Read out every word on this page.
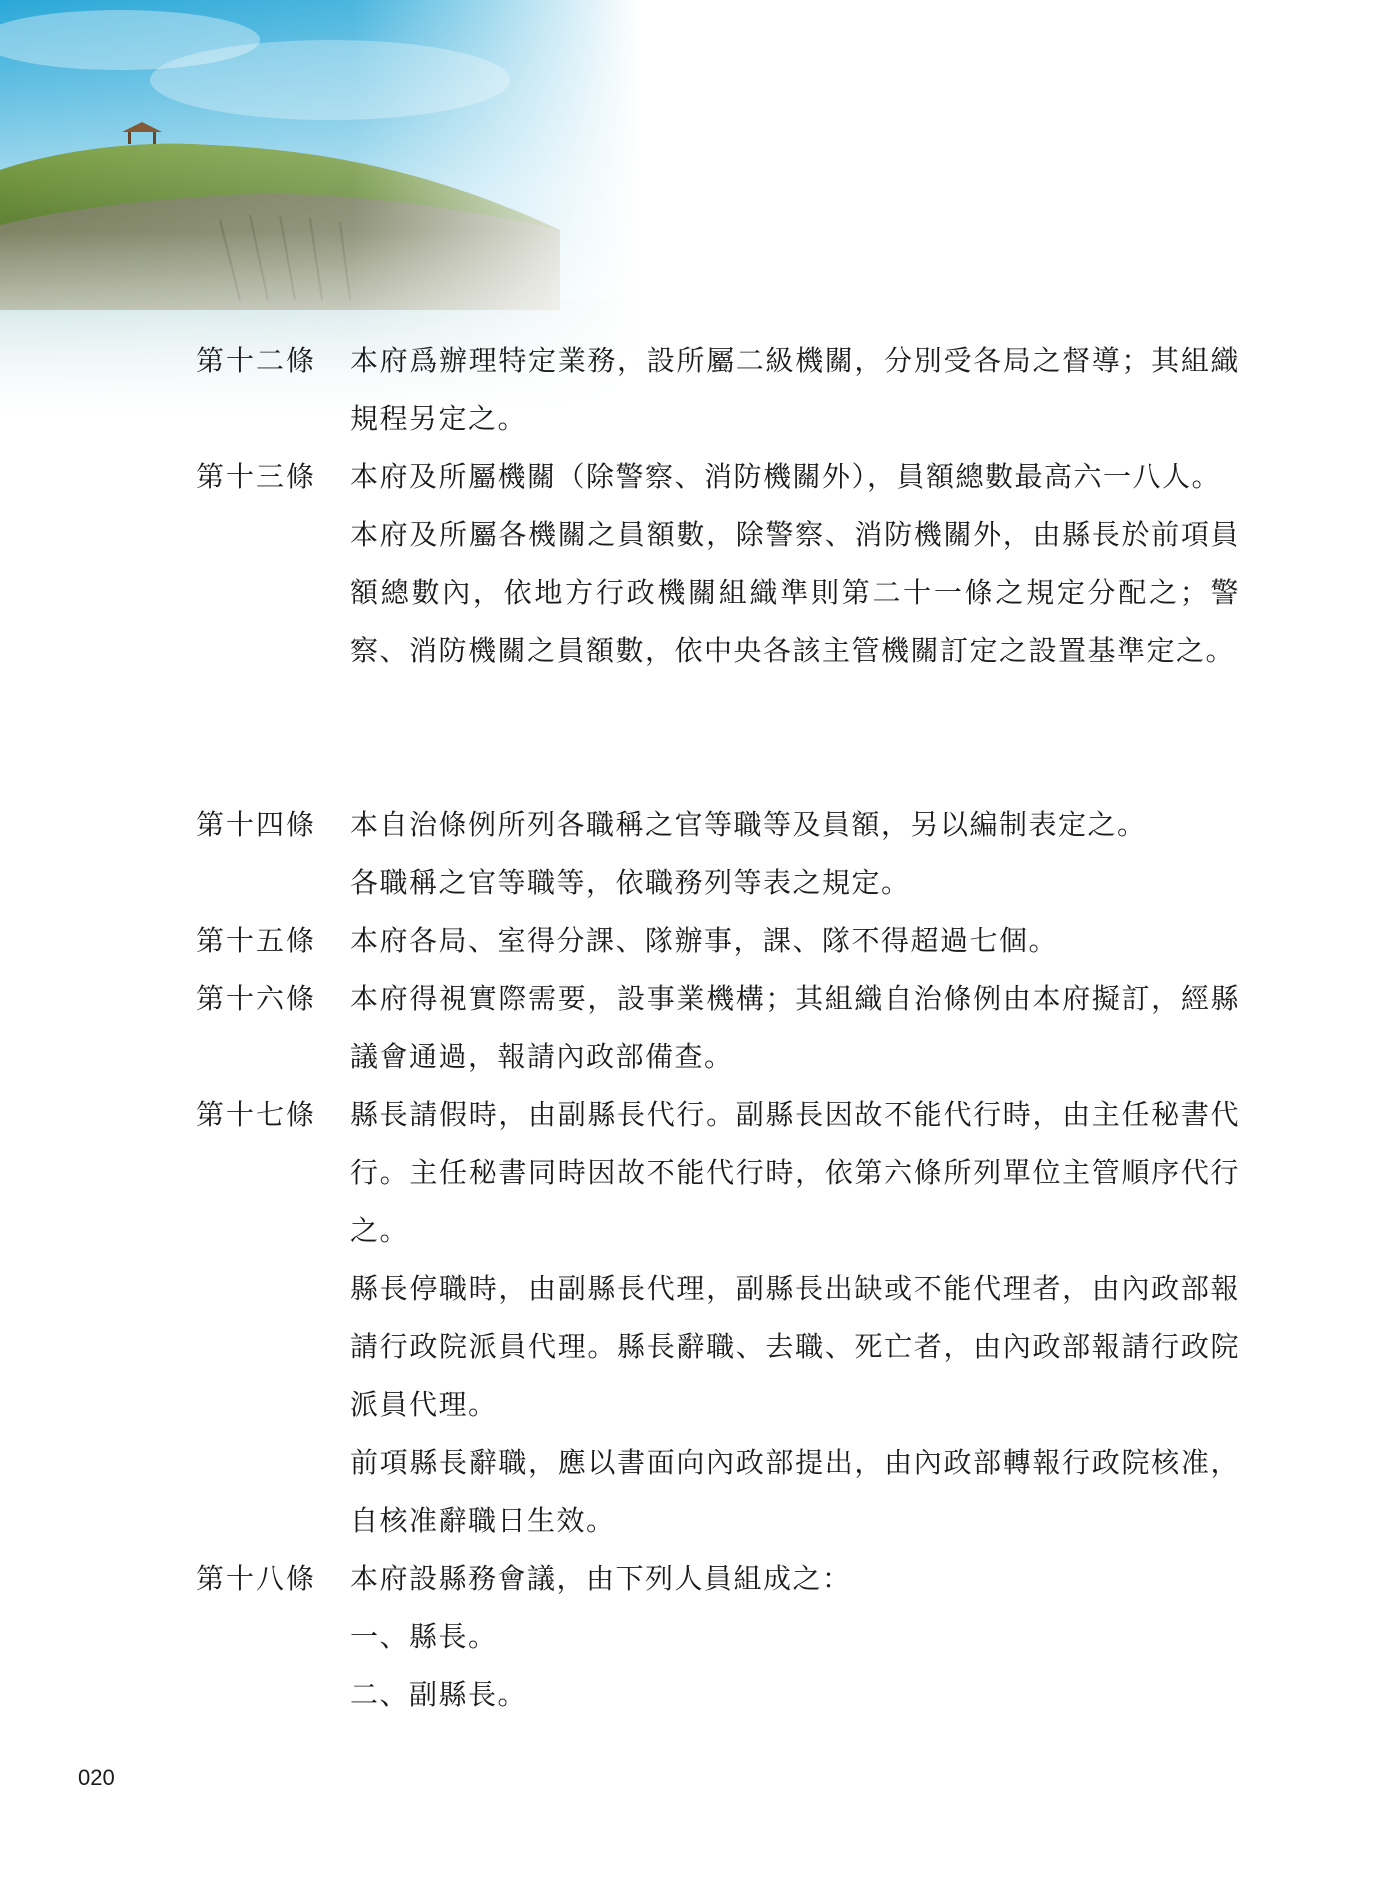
第十二條 本府爲辦理特定業務，設所屬二級機關，分別受各局之督導；其組織規程另定之。

第十三條 本府及所屬機關（除警察、消防機關外），員額總數最高六一八人。

本府及所屬各機關之員額數，除警察、消防機關外，由縣長於前項員額總數內，依地方行政機關組織準則第二十一條之規定分配之；警察、消防機關之員額數，依中央各該主管機關訂定之設置基準定之。

第十四條 本自治條例所列各職稱之官等職等及員額，另以編制表定之。

各職稱之官等職等，依職務列等表之規定。

第十五條 本府各局、室得分課、隊辦事，課、隊不得超過七個。

第十六條 本府得視實際需要，設事業機構；其組織自治條例由本府擬訂，經縣議會通過，報請內政部備查。

第十七條 縣長請假時，由副縣長代行。副縣長因故不能代行時，由主任秘書代行。主任秘書同時因故不能代行時，依第六條所列單位主管順序代行之。

縣長停職時，由副縣長代理，副縣長出缺或不能代理者，由內政部報請行政院派員代理。縣長辭職、去職、死亡者，由內政部報請行政院派員代理。

前項縣長辭職，應以書面向內政部提出，由內政部轉報行政院核准，自核准辭職日生效。

第十八條 本府設縣務會議，由下列人員組成之：

一、縣長。

二、副縣長。

020
